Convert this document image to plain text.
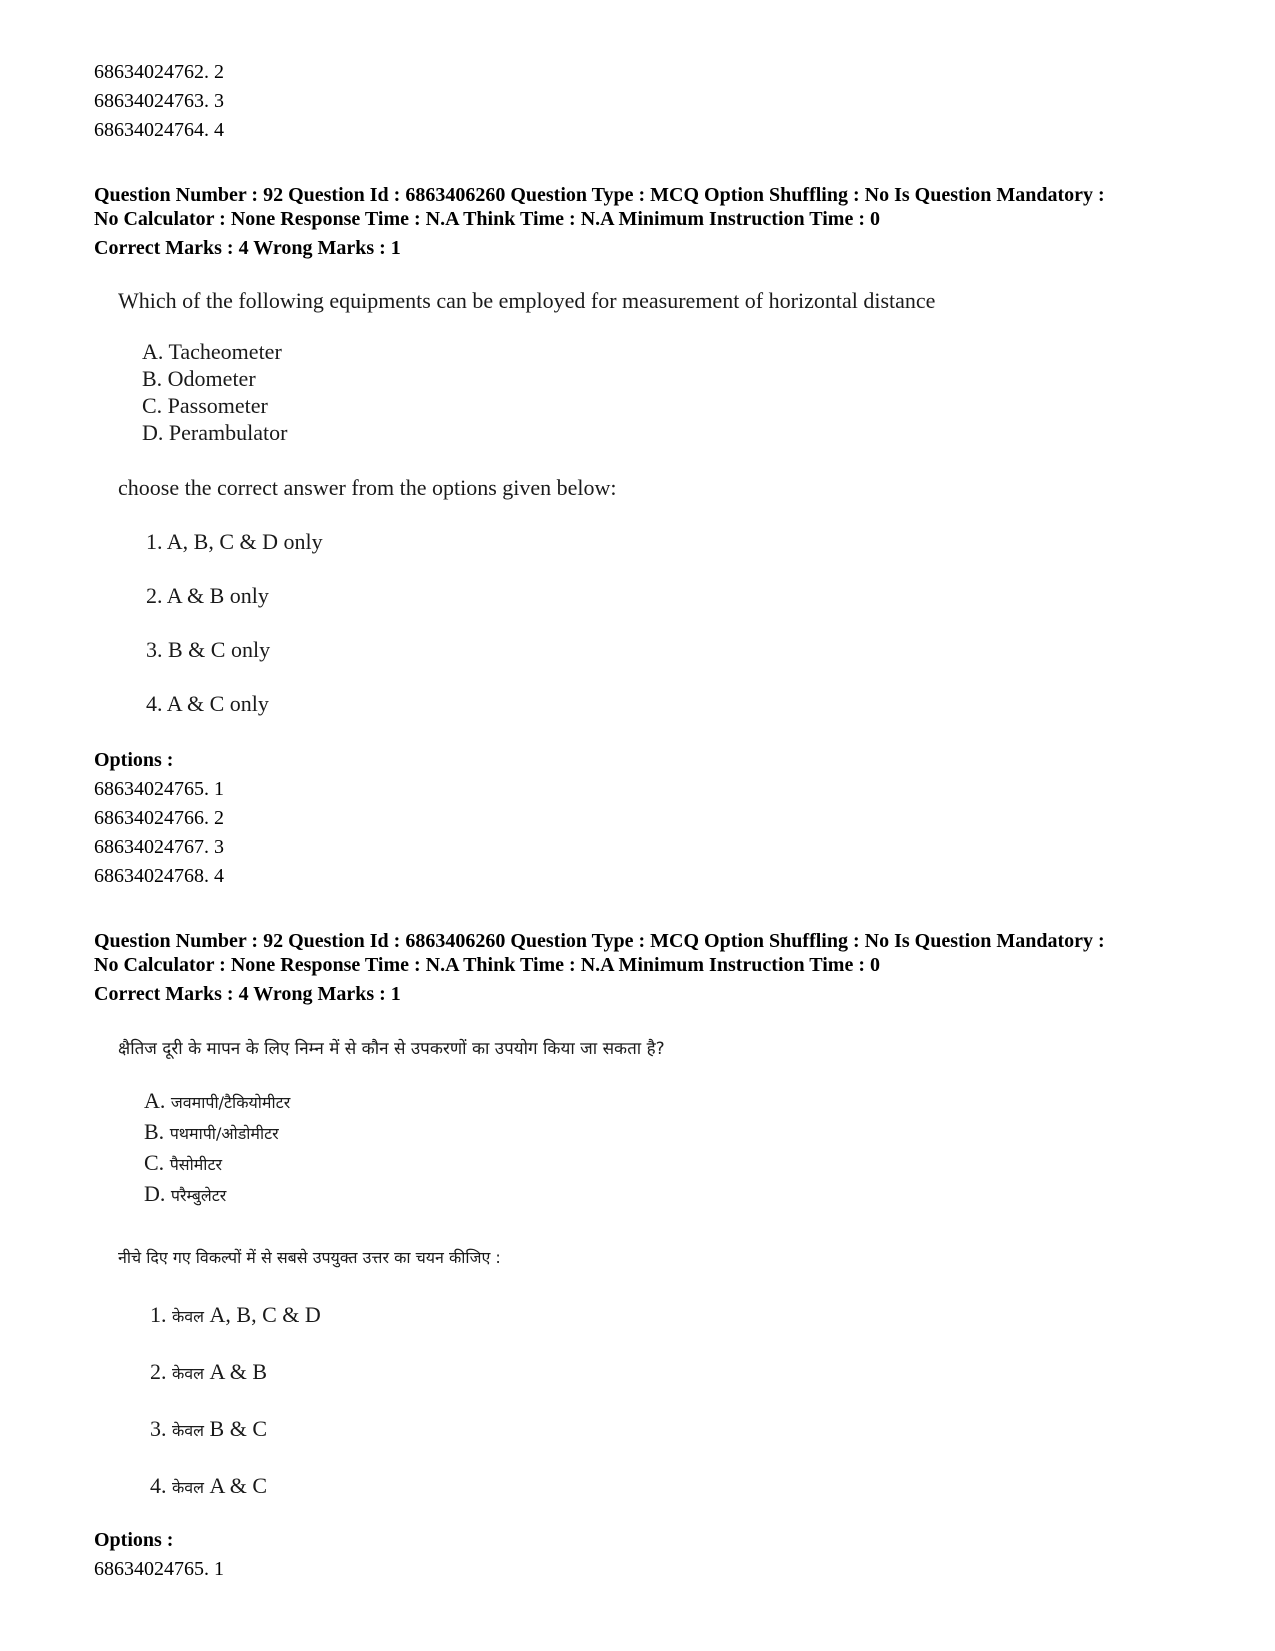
68634024762. 2
68634024763. 3
68634024764. 4
Question Number : 92 Question Id : 6863406260 Question Type : MCQ Option Shuffling : No Is Question Mandatory :
No Calculator : None Response Time : N.A Think Time : N.A Minimum Instruction Time : 0
Correct Marks : 4 Wrong Marks : 1
Which of the following equipments can be employed for measurement of horizontal distance
A. Tacheometer
B. Odometer
C. Passometer
D. Perambulator
choose the correct answer from the options given below:
1. A, B, C & D only
2. A & B only
3. B & C only
4. A & C only
Options :
68634024765. 1
68634024766. 2
68634024767. 3
68634024768. 4
Question Number : 92 Question Id : 6863406260 Question Type : MCQ Option Shuffling : No Is Question Mandatory :
No Calculator : None Response Time : N.A Think Time : N.A Minimum Instruction Time : 0
Correct Marks : 4 Wrong Marks : 1
क्षैतिज दूरी के मापन के लिए निम्न में से कौन से उपकरणों का उपयोग किया जा सकता है?
A. जवमापी/टैकियोमीटर
B. पथमापी/ओडोमीटर
C. पैसोमीटर
D. परैम्बुलेटर
नीचे दिए गए विकल्पों में से सबसे उपयुक्त उत्तर का चयन कीजिए :
1. केवल A, B, C & D
2. केवल A & B
3. केवल B & C
4. केवल A & C
Options :
68634024765. 1
